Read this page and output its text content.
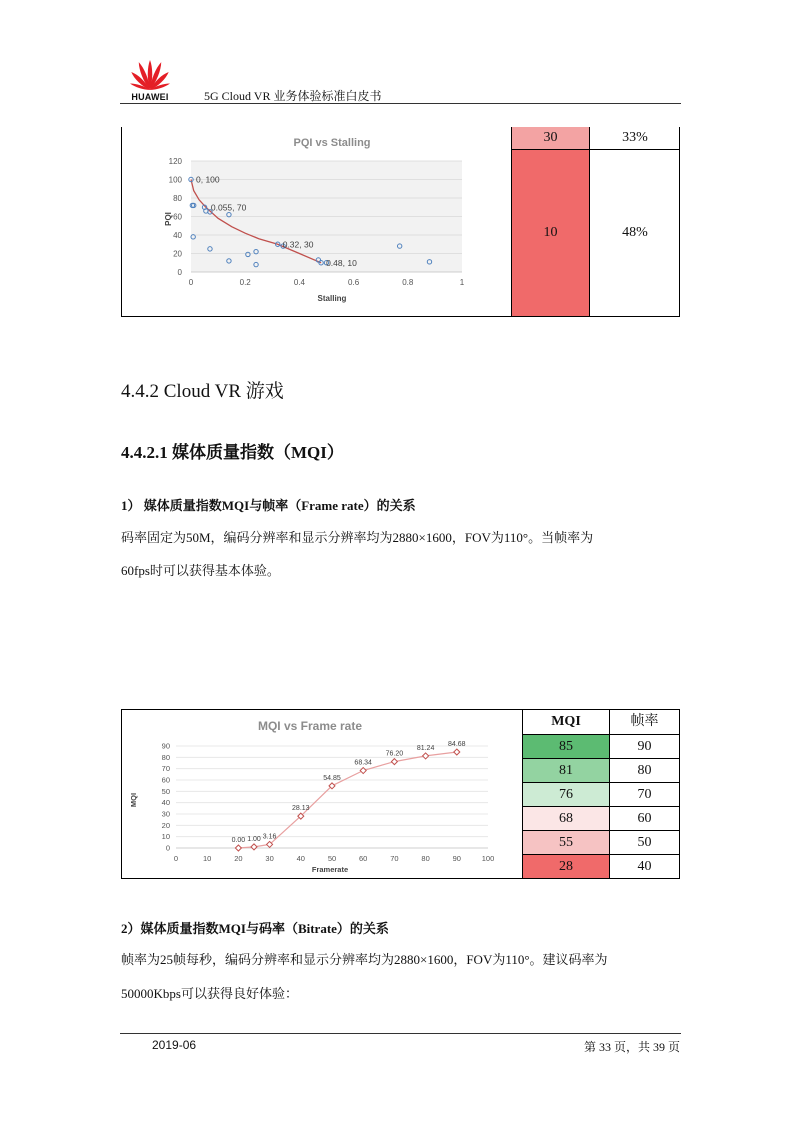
HUAWEI	5G Cloud VR 业务体验标准白皮书
30	33%
10	48%
PQI vs Stalling
0
20
40
60
80
100
120
0	0.2	0.4	0.6	0.8	1
Stalling
PQI
0, 100
0.055, 70
0.32, 30
0.48, 10
4.4.2 Cloud VR 游戏
4.4.2.1 媒体质量指数（MQI）
1） 媒体质量指数MQI与帧率（Frame rate）的关系
码率固定为50M，编码分辨率和显示分辨率均为2880×1600，FOV为110°。当帧率为
60fps时可以获得基本体验。
MQI vs Frame rate
0
10
20
30
40
50
60
70
80
90
0	10	20	30	40	50	60	70	80	90	100
Framerate
MQI
0.00 1.00 3.16
28.13
54.85
68.34
76.20
81.24
84.68
MQI	帧率
85	90
81	80
76	70
68	60
55	50
28	40
2）媒体质量指数MQI与码率（Bitrate）的关系
帧率为25帧每秒，编码分辨率和显示分辨率均为2880×1600，FOV为110°。建议码率为
50000Kbps可以获得良好体验：
2019-06	第 33 页，共 39 页
